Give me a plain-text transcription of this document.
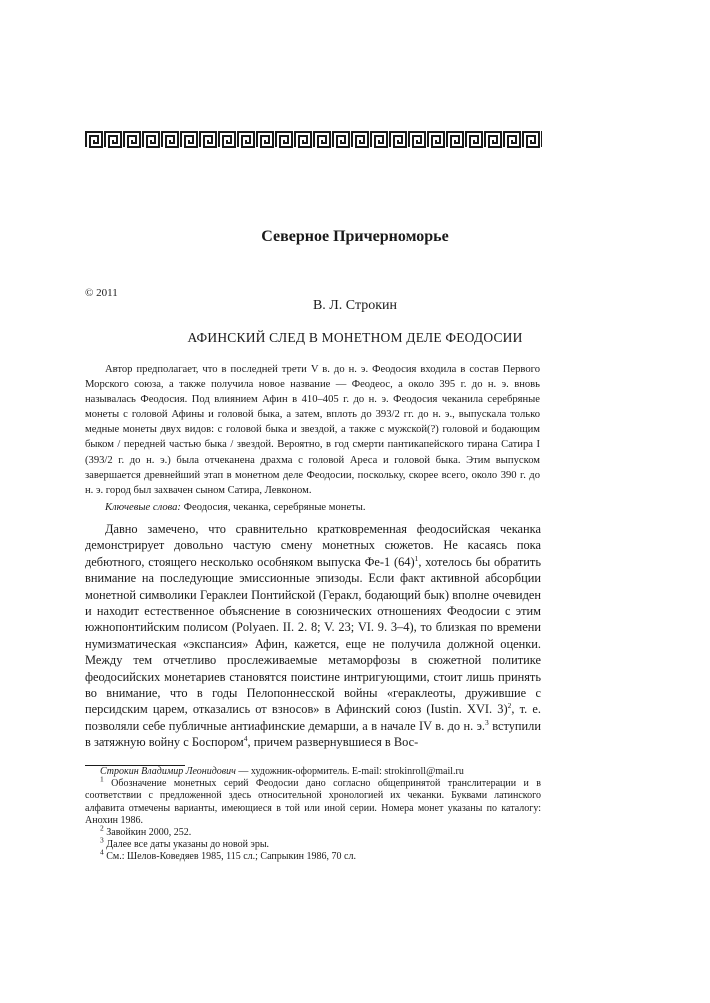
Северное Причерноморье
© 2011
В. Л. Строкин
АФИНСКИЙ СЛЕД В МОНЕТНОМ ДЕЛЕ ФЕОДОСИИ

Автор предполагает, что в последней трети V в. до н. э. Феодосия входила в состав Первого Морского союза, а также получила новое название — Феодеос, а около 395 г. до н. э. вновь называлась Феодосия. Под влиянием Афин в 410–405 г. до н. э. Феодосия чеканила серебряные монеты с головой Афины и головой быка, а затем, вплоть до 393/2 гг. до н. э., выпускала только медные монеты двух видов: с головой быка и звездой, а также с мужской(?) головой и бодающим быком / передней частью быка / звездой. Вероятно, в год смерти пантикапейского тирана Сатира I (393/2 г. до н. э.) была отчеканена драхма с головой Ареса и головой быка. Этим выпуском завершается древнейший этап в монетном деле Феодосии, поскольку, скорее всего, около 390 г. до н. э. город был захвачен сыном Сатира, Левконом.

Ключевые слова: Феодосия, чеканка, серебряные монеты.

Давно замечено, что сравнительно кратковременная феодосийская чеканка демонстрирует довольно частую смену монетных сюжетов. Не касаясь пока дебютного, стоящего несколько особняком выпуска Фе-1 $(64)^1$, хотелось бы обратить внимание на последующие эмиссионные эпизоды. Если факт активной абсорбции монетной символики Гераклеи Понтийской (Геракл, бодающий бык) вполне очевиден и находит естественное объяснение в союзнических отношениях Феодосии с этим южнопонтийским полисом (Polyaen. II. 2. 8; V. 23; VI. 9. 3–4), то близкая по времени нумизматическая «экспансия» Афин, кажется, еще не получила должной оценки. Между тем отчетливо прослеживаемые метаморфозы в сюжетной политике феодосийских монетариев становятся поистине интригующими, стоит лишь принять во внимание, что в годы Пелопоннесской войны «гераклеоты, дружившие с персидским царем, отказались от взносов» в Афинский союз (Iustin. XVI. 3)$^2$, т. е. позволяли себе публичные антиафинские демарши, а в начале IV в. до н. э.$^3$ вступили в затяжную войну с Боспором$^4$, причем развернувшиеся в Вос-

Строкин Владимир Леонидович — художник-оформитель. E-mail: strokinroll@mail.ru

$^1$ Обозначение монетных серий Феодосии дано согласно общепринятой транслитерации и в соответствии с предложенной здесь относительной хронологией их чеканки. Буквами латинского алфавита отмечены варианты, имеющиеся в той или иной серии. Номера монет указаны по каталогу: Анохин 1986.

$^2$ Завойкин 2000, 252.

$^3$ Далее все даты указаны до новой эры.

$^4$ См.: Шелов-Коведяев 1985, 115 сл.; Сапрыкин 1986, 70 сл.
